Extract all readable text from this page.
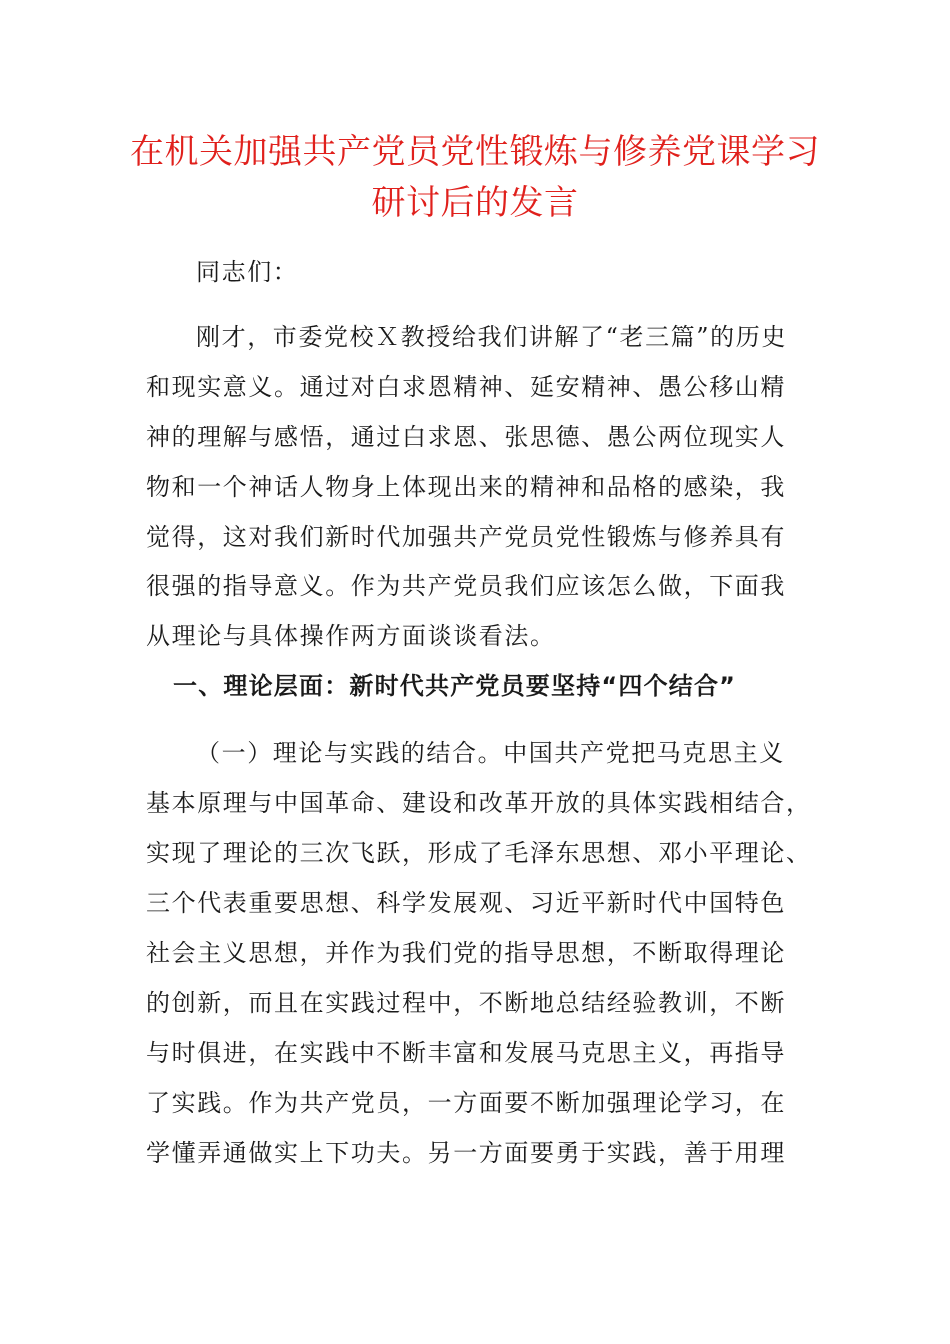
在机关加强共产党员党性锻炼与修养党课学习
研讨后的发言
同志们：
刚才，市委党校Ｘ教授给我们讲解了“老三篇”的历史
和现实意义。通过对白求恩精神、延安精神、愚公移山精
神的理解与感悟，通过白求恩、张思德、愚公两位现实人
物和一个神话人物身上体现出来的精神和品格的感染，我
觉得，这对我们新时代加强共产党员党性锻炼与修养具有
很强的指导意义。作为共产党员我们应该怎么做，下面我
从理论与具体操作两方面谈谈看法。
一、理论层面：新时代共产党员要坚持“四个结合”
（一）理论与实践的结合。中国共产党把马克思主义
基本原理与中国革命、建设和改革开放的具体实践相结合，
实现了理论的三次飞跃，形成了毛泽东思想、邓小平理论、
三个代表重要思想、科学发展观、习近平新时代中国特色
社会主义思想，并作为我们党的指导思想，不断取得理论
的创新，而且在实践过程中，不断地总结经验教训，不断
与时俱进，在实践中不断丰富和发展马克思主义，再指导
了实践。作为共产党员，一方面要不断加强理论学习，在
学懂弄通做实上下功夫。另一方面要勇于实践，善于用理
